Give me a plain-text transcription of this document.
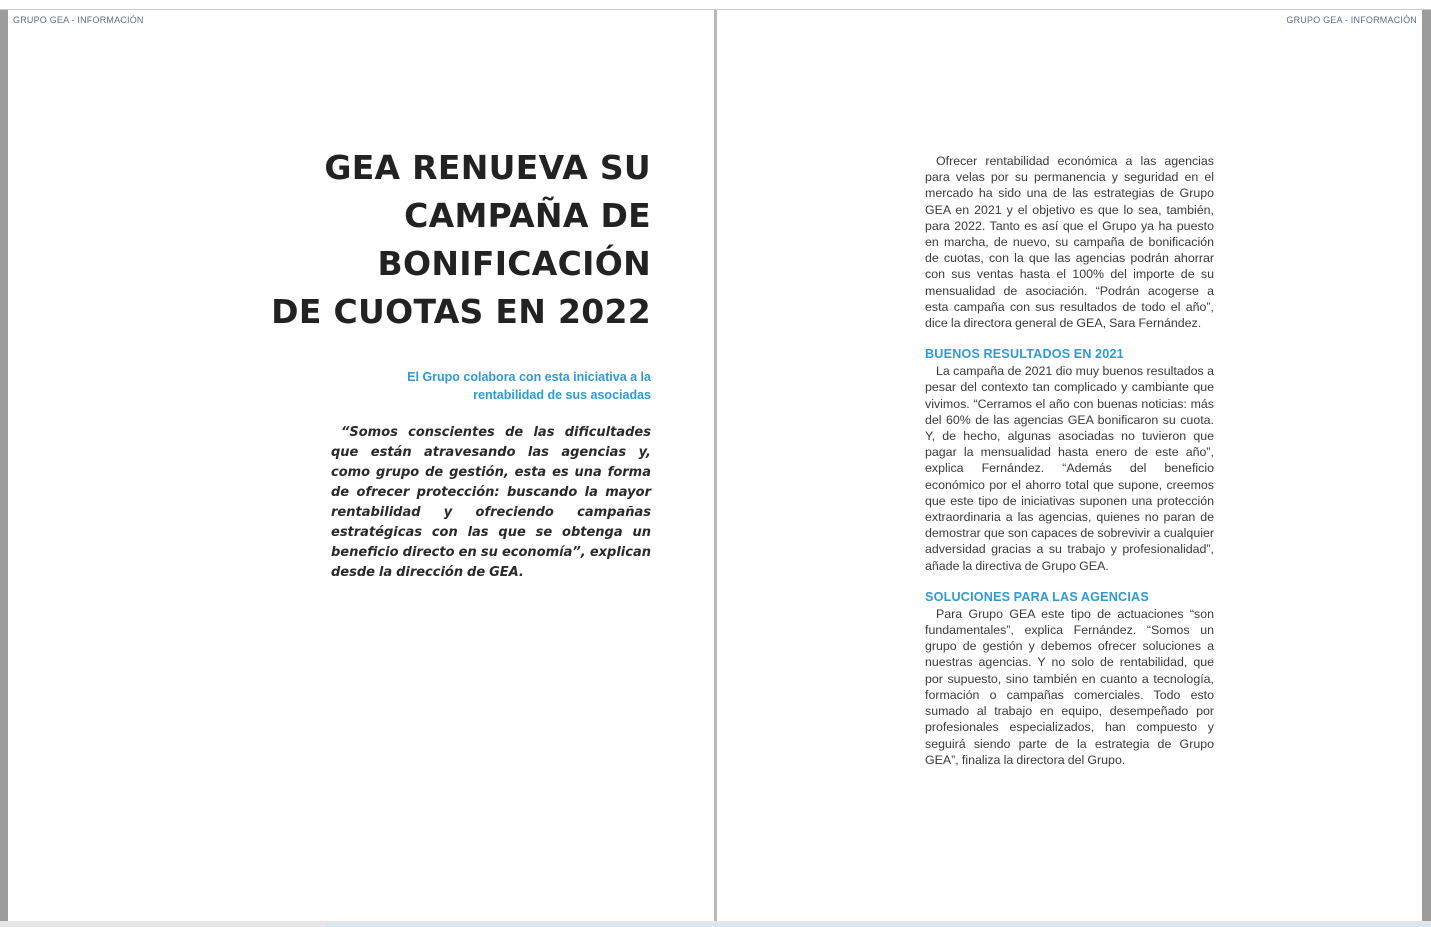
GRUPO GEA - INFORMACIÓN
GEA RENUEVA SU
CAMPAÑA DE
BONIFICACIÓN
DE CUOTAS EN 2022
El Grupo colabora con esta iniciativa a la
rentabilidad de sus asociadas

“Somos conscientes de las dificultades que están atravesando las agencias y, como grupo de gestión, esta es una forma de ofrecer protección: buscando la mayor rentabilidad y ofreciendo campañas estratégicas con las que se obtenga un beneficio directo en su economía”, explican desde la dirección de GEA.

GRUPO GEA - INFORMACIÓN

Ofrecer rentabilidad económica a las agencias para velas por su permanencia y seguridad en el mercado ha sido una de las estrategias de Grupo GEA en 2021 y el objetivo es que lo sea, también, para 2022. Tanto es así que el Grupo ya ha puesto en marcha, de nuevo, su campaña de bonificación de cuotas, con la que las agencias podrán ahorrar con sus ventas hasta el 100% del importe de su mensualidad de asociación. “Podrán acogerse a esta campaña con sus resultados de todo el año”, dice la directora general de GEA, Sara Fernández.

BUENOS RESULTADOS EN 2021

La campaña de 2021 dio muy buenos resultados a pesar del contexto tan complicado y cambiante que vivimos. “Cerramos el año con buenas noticias: más del 60% de las agencias GEA bonificaron su cuota. Y, de hecho, algunas asociadas no tuvieron que pagar la mensualidad hasta enero de este año”, explica Fernández. “Además del beneficio económico por el ahorro total que supone, creemos que este tipo de iniciativas suponen una protección extraordinaria a las agencias, quienes no paran de demostrar que son capaces de sobrevivir a cualquier adversidad gracias a su trabajo y profesionalidad”, añade la directiva de Grupo GEA.

SOLUCIONES PARA LAS AGENCIAS

Para Grupo GEA este tipo de actuaciones “son fundamentales”, explica Fernández. “Somos un grupo de gestión y debemos ofrecer soluciones a nuestras agencias. Y no solo de rentabilidad, que por supuesto, sino también en cuanto a tecnología, formación o campañas comerciales. Todo esto sumado al trabajo en equipo, desempeñado por profesionales especializados, han compuesto y seguirá siendo parte de la estrategia de Grupo GEA”, finaliza la directora del Grupo.
